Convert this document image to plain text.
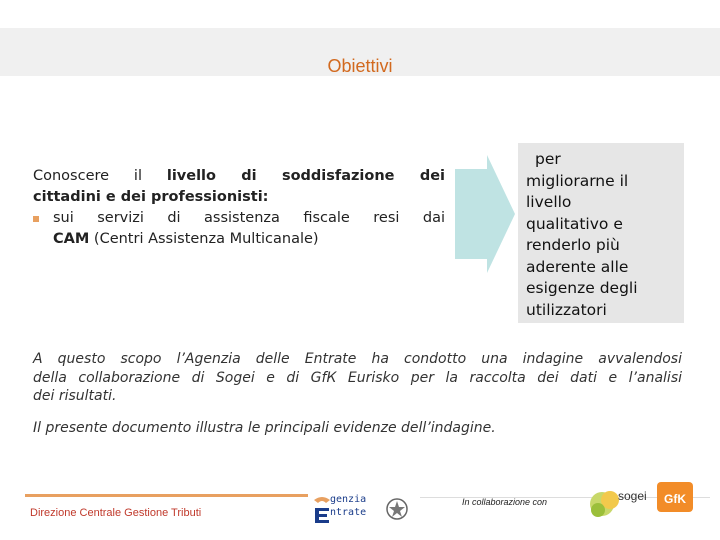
Obiettivi
Conoscere il livello di soddisfazione dei
cittadini e dei professionisti:
sui servizi di assistenza fiscale resi dai
CAM (Centri Assistenza Multicanale)
per
migliorarne il
livello
qualitativo e
renderlo più
aderente alle
esigenze degli
utilizzatori
A questo scopo l’Agenzia delle Entrate ha condotto una indagine avvalendosi
della collaborazione di Sogei e di GfК Eurisko per la raccolta dei dati e l’analisi
dei risultati.
Il presente documento illustra le principali evidenze dell’indagine.
Direzione Centrale Gestione Tributi
genzia
ntrate
In collaborazione con	sogei GfK
